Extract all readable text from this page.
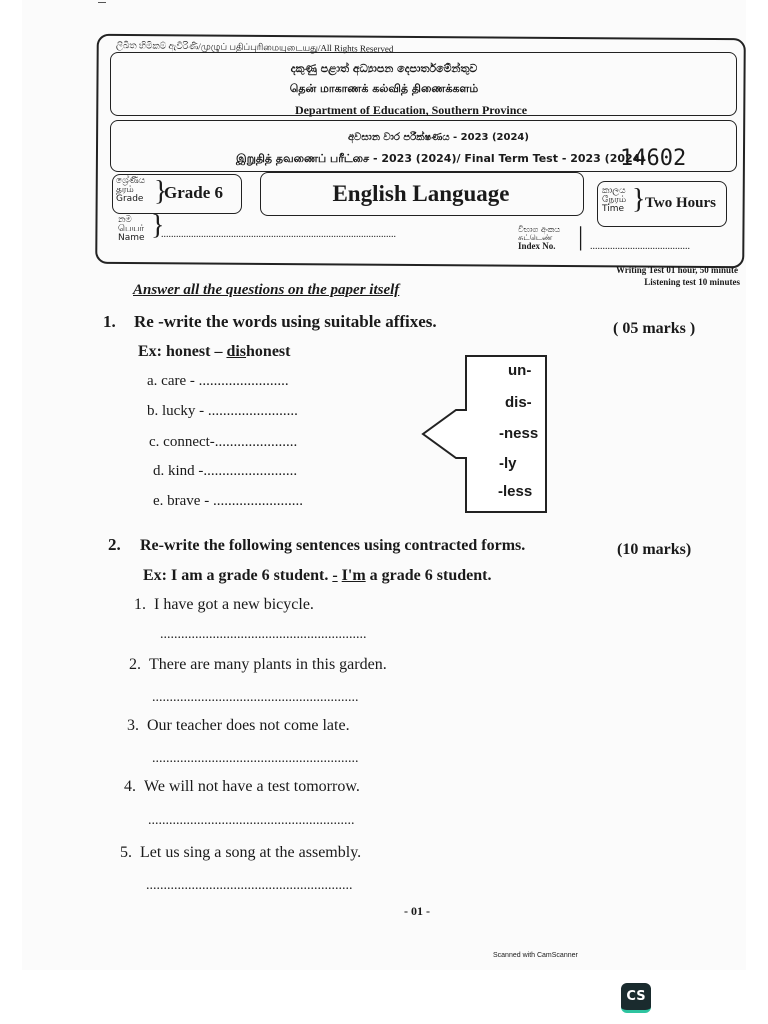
ලිඛිත හිමිකම් ඇවිරිණි/முழுப் பதிப்புரிமையுடையது/All Rights Reserved
දකුණු පළාත් අධ්‍යාපන දෙපාර්තමේන්තුව
தென் மாகாணக் கல்வித் திணைக்களம்
Department of Education, Southern Province
අවසාන වාර පරීක්ෂණය - 2023 (2024)
இறுதித் தவணைப் பரீட்சை - 2023 (2024)/ Final Term Test - 2023 (2024)
14602
ශ්‍රේණිය
தரம்
Grade }
Grade 6	English Language	කාලය
நேரம்
Time } Two Hours
නම
பெயர்
Name }
..............................................................................................	විභාග අංකය
சுட்டெண்
Index No. | ........................................
Writing Test 01 hour, 50 minute
Listening test 10 minutes
Answer all the questions on the paper itself
1. Re -write the words using suitable affixes.	( 05 marks )
Ex: honest – dishonest
a. care - ........................
b. lucky - ........................
c. connect-......................
d. kind -.........................
e. brave - ........................
un-
dis-
-ness
-ly
-less
2. Re-write the following sentences using contracted forms.	(10 marks)
Ex: I am a grade 6 student. - I'm a grade 6 student.
1. I have got a new bicycle.
...........................................................
2. There are many plants in this garden.
...........................................................
3. Our teacher does not come late.
...........................................................
4. We will not have a test tomorrow.
...........................................................
5. Let us sing a song at the assembly.
...........................................................
- 01 -
Scanned with CamScanner
CS
